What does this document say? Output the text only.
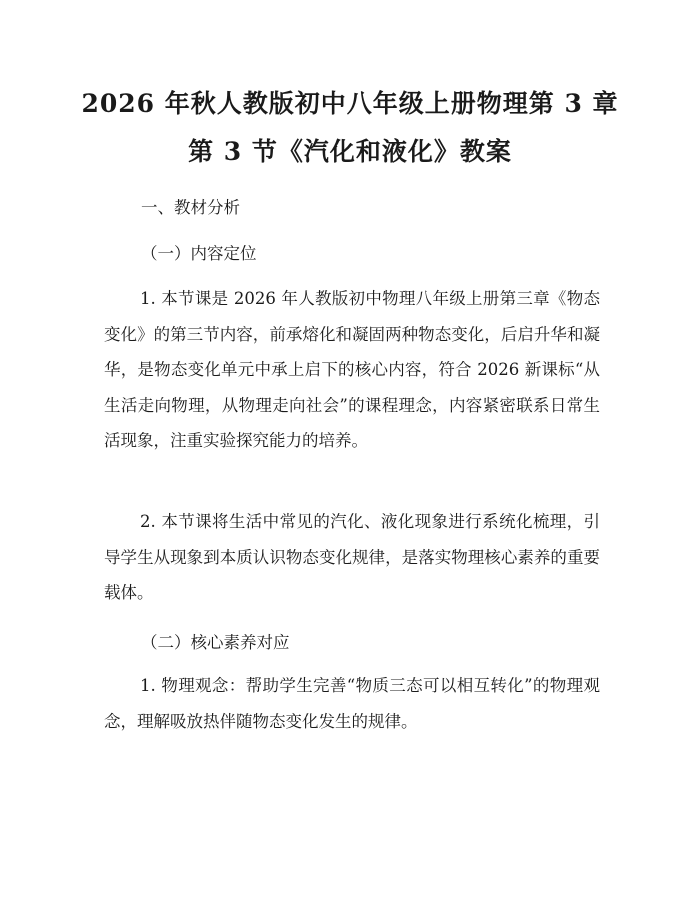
2026 年秋人教版初中八年级上册物理第 3 章
第 3 节《汽化和液化》教案
一、教材分析
（一）内容定位
1. 本节课是 2026 年人教版初中物理八年级上册第三章《物态变化》的第三节内容，前承熔化和凝固两种物态变化，后启升华和凝华，是物态变化单元中承上启下的核心内容，符合 2026 新课标“从生活走向物理，从物理走向社会”的课程理念，内容紧密联系日常生活现象，注重实验探究能力的培养。
2. 本节课将生活中常见的汽化、液化现象进行系统化梳理，引导学生从现象到本质认识物态变化规律，是落实物理核心素养的重要载体。
（二）核心素养对应
1. 物理观念：帮助学生完善“物质三态可以相互转化”的物理观念，理解吸放热伴随物态变化发生的规律。
